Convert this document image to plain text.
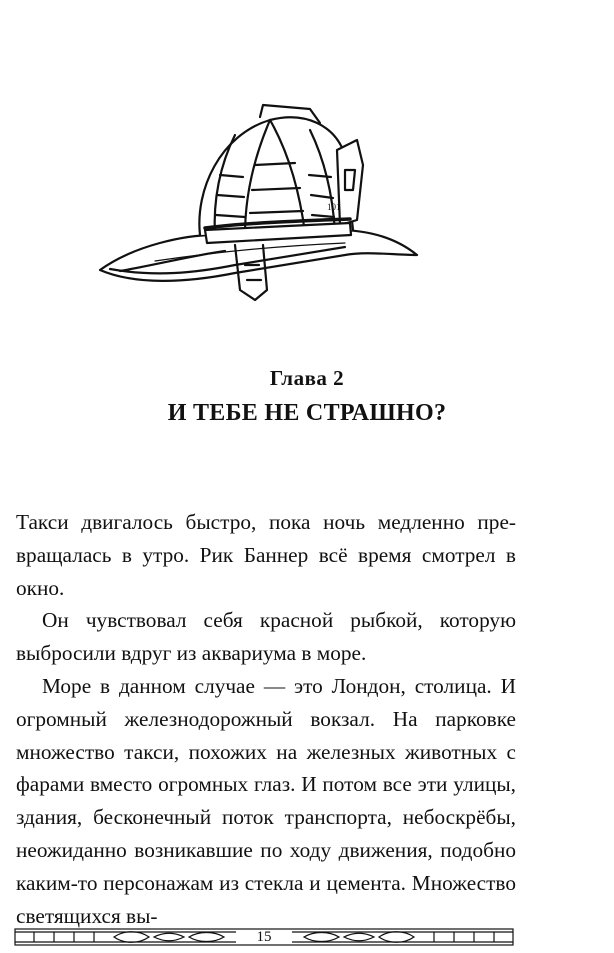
101
Глава 2
И ТЕБЕ НЕ СТРАШНО?

Такси двигалось быстро, пока ночь медленно превращалась в утро. Рик Баннер всё время смотрел в окно.

Он чувствовал себя красной рыбкой, которую выбросили вдруг из аквариума в море.

Море в данном случае — это Лондон, столица. И огромный железнодорожный вокзал. На парковке множество такси, похожих на железных животных с фарами вместо огромных глаз. И потом все эти улицы, здания, бесконечный поток транспорта, небоскрёбы, неожиданно возникавшие по ходу движения, подобно каким-то персонажам из стекла и цемента. Множество светящихся вы-

15
